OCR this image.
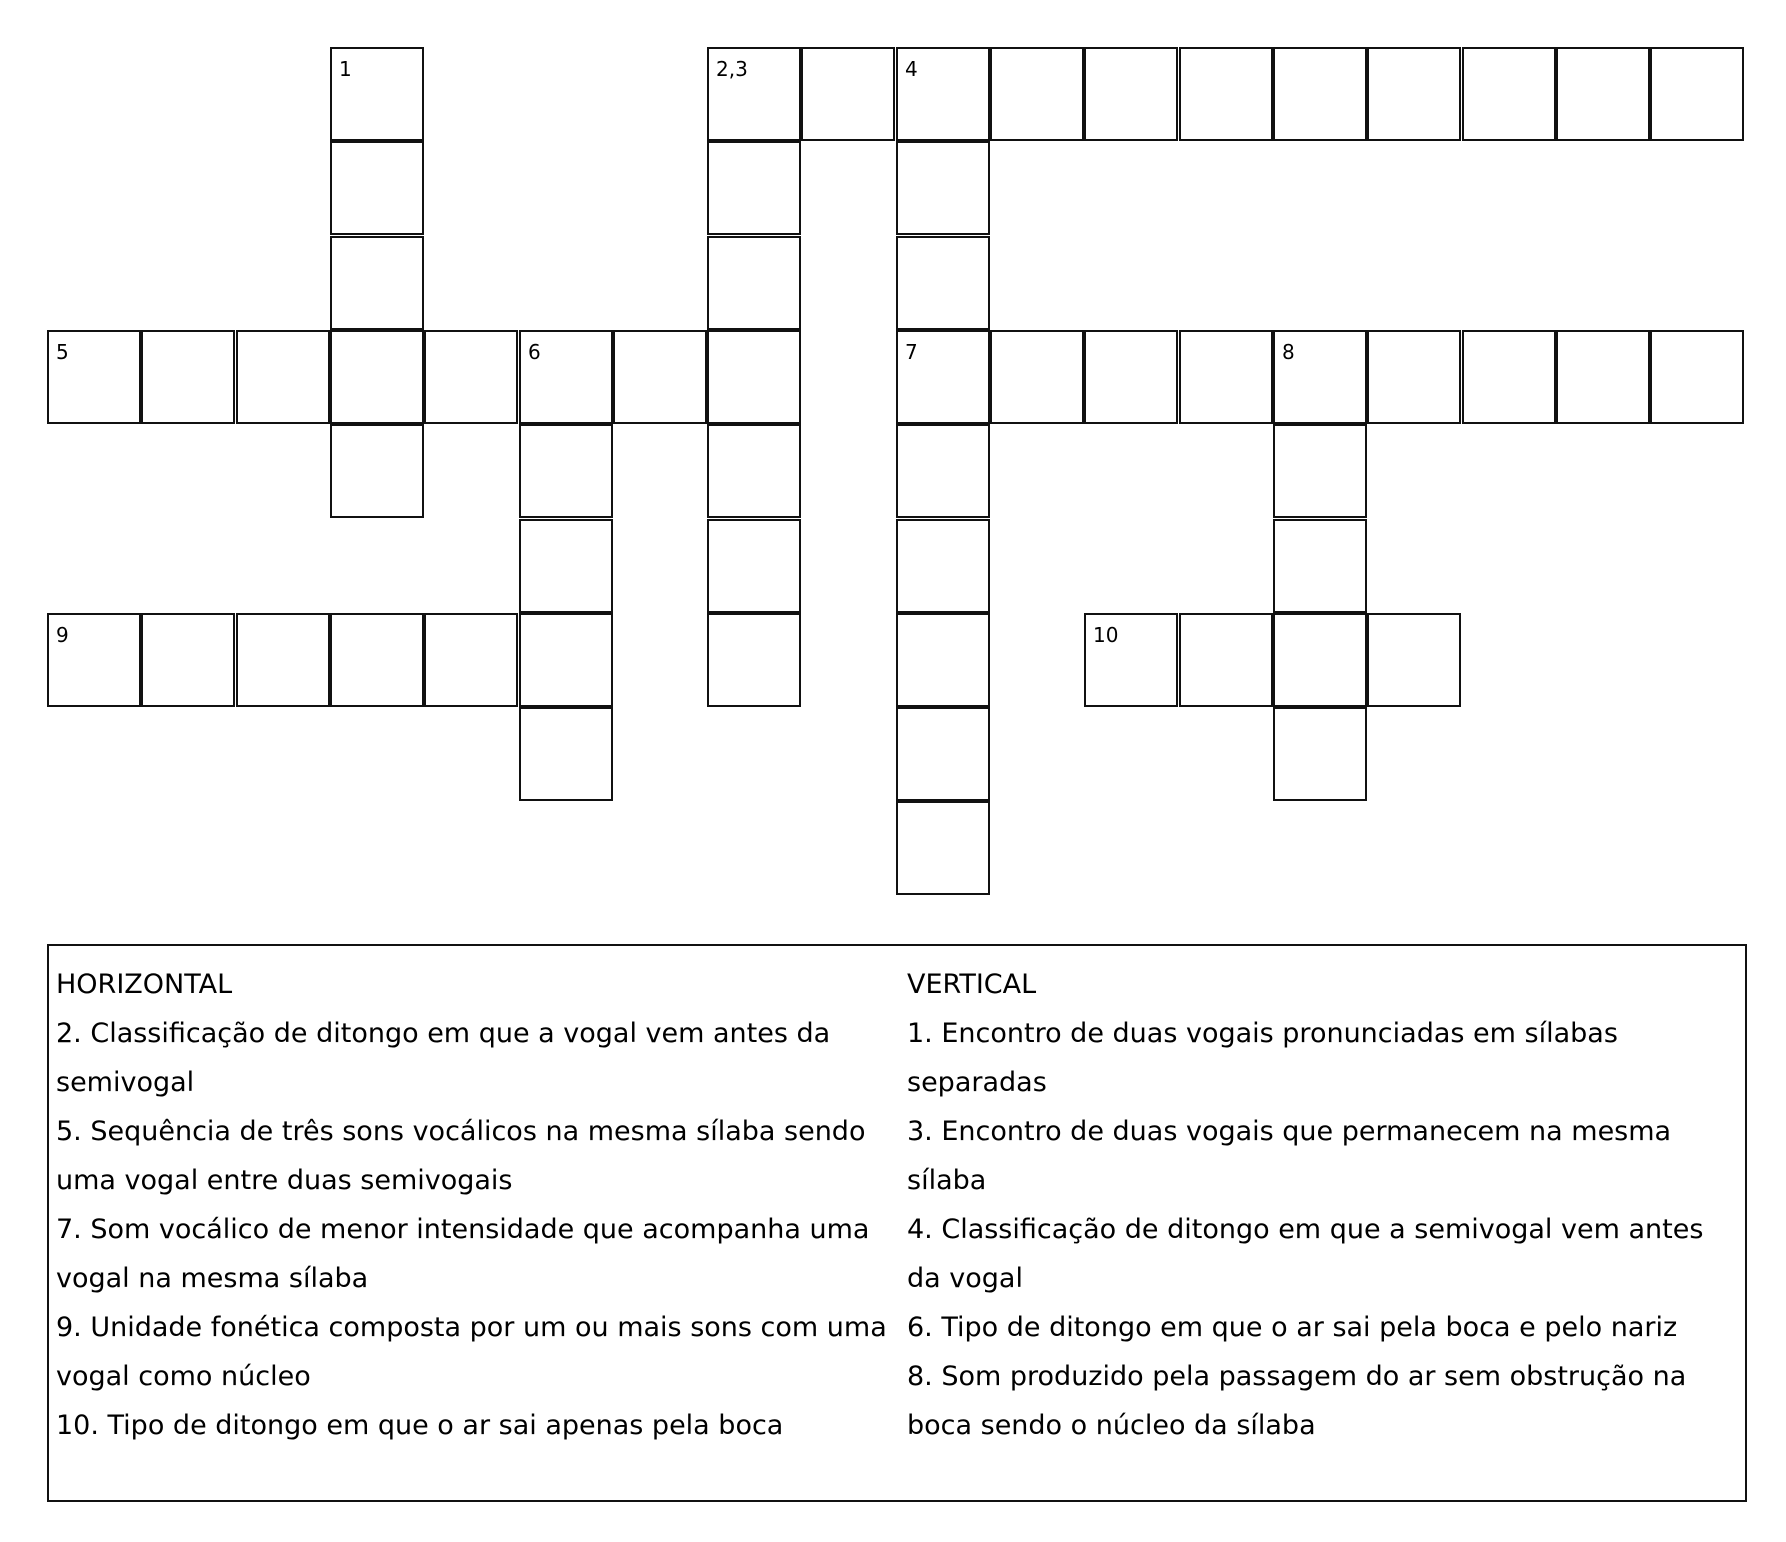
1	2,3	4
5	6	7	8
9	10
HORIZONTAL

2. Classificação de ditongo em que a vogal vem antes da semivogal

5. Sequência de três sons vocálicos na mesma sílaba sendo uma vogal entre duas semivogais

7. Som vocálico de menor intensidade que acompanha uma vogal na mesma sílaba

9. Unidade fonética composta por um ou mais sons com uma vogal como núcleo

10. Tipo de ditongo em que o ar sai apenas pela boca

VERTICAL

1. Encontro de duas vogais pronunciadas em sílabas separadas

3. Encontro de duas vogais que permanecem na mesma sílaba

4. Classificação de ditongo em que a semivogal vem antes da vogal

6. Tipo de ditongo em que o ar sai pela boca e pelo nariz

8. Som produzido pela passagem do ar sem obstrução na boca sendo o núcleo da sílaba
